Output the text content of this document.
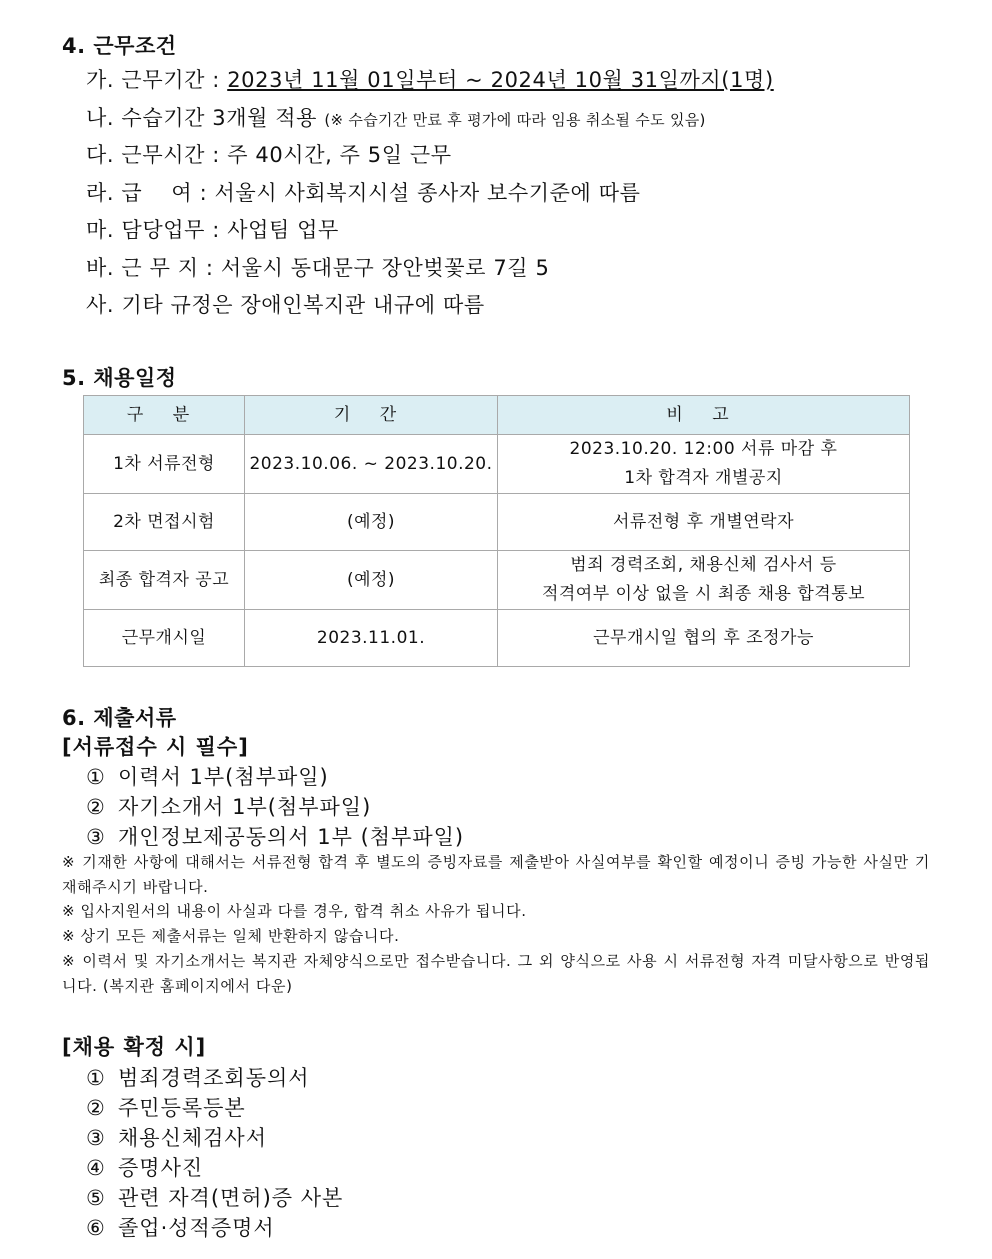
4. 근무조건
가. 근무기간 : 2023년 11월 01일부터 ~ 2024년 10월 31일까지(1명)
나. 수습기간 3개월 적용 (※ 수습기간 만료 후 평가에 따라 임용 취소될 수도 있음)
다. 근무시간 : 주 40시간, 주 5일 근무
라. 급    여 : 서울시 사회복지시설 종사자 보수기준에 따름
마. 담당업무 : 사업팀 업무
바. 근 무 지 : 서울시 동대문구 장안벚꽃로 7길 5
사. 기타 규정은 장애인복지관 내규에 따름
5. 채용일정
구 분	기 간	비 고
1차 서류전형	2023.10.06. ~ 2023.10.20.	2023.10.20. 12:00 서류 마감 후
1차 합격자 개별공지

2차 면접시험	(예정)	서류전형 후 개별연락자
최종 합격자 공고	(예정)	범죄 경력조회, 채용신체 검사서 등
적격여부 이상 없을 시 최종 채용 합격통보

근무개시일	2023.11.01.	근무개시일 협의 후 조정가능
6. 제출서류
[서류접수 시 필수]
① 이력서 1부(첨부파일)
② 자기소개서 1부(첨부파일)
③ 개인정보제공동의서 1부 (첨부파일)

※ 기재한 사항에 대해서는 서류전형 합격 후 별도의 증빙자료를 제출받아 사실여부를 확인할 예정이니 증빙 가능한 사실만 기재해주시기 바랍니다.

※ 입사지원서의 내용이 사실과 다를 경우, 합격 취소 사유가 됩니다.

※ 상기 모든 제출서류는 일체 반환하지 않습니다.

※ 이력서 및 자기소개서는 복지관 자체양식으로만 접수받습니다. 그 외 양식으로 사용 시 서류전형 자격 미달사항으로 반영됩니다. (복지관 홈페이지에서 다운)

[채용 확정 시]
① 범죄경력조회동의서
② 주민등록등본
③ 채용신체검사서
④ 증명사진
⑤ 관련 자격(면허)증 사본
⑥ 졸업·성적증명서
